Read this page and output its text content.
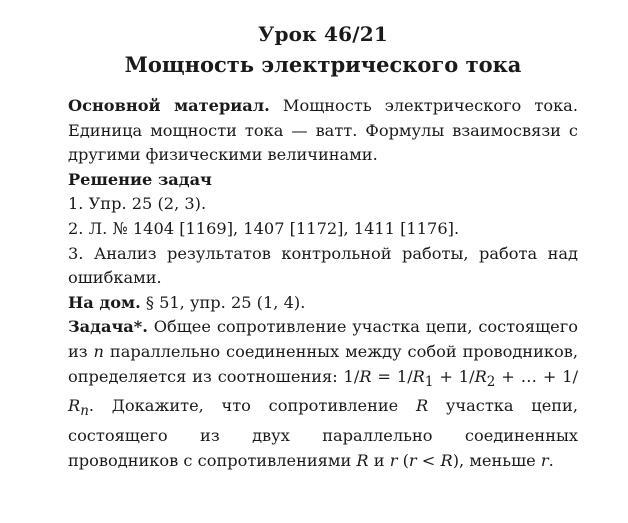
Урок 46/21
Мощность электрического тока

Основной материал. Мощность электрического тока. Единица мощности тока — ватт. Формулы взаимосвязи с другими физическими величинами.

Решение задач

1. Упр. 25 (2, 3).

2. Л. № 1404 [1169], 1407 [1172], 1411 [1176].

3. Анализ результатов контрольной работы, работа над ошибками.

На дом. § 51, упр. 25 (1, 4).

Задача*. Общее сопротивление участка цепи, состоящего из n параллельно соединенных между собой проводников, определяется из соотношения: $1/R = 1/R_1 + 1/R_2$ + … + 1/ $R_n$. Докажите, что сопротивление R участка цепи, состоящего из двух параллельно соединенных проводников с сопротивлениями R и r (r < R), меньше r.
